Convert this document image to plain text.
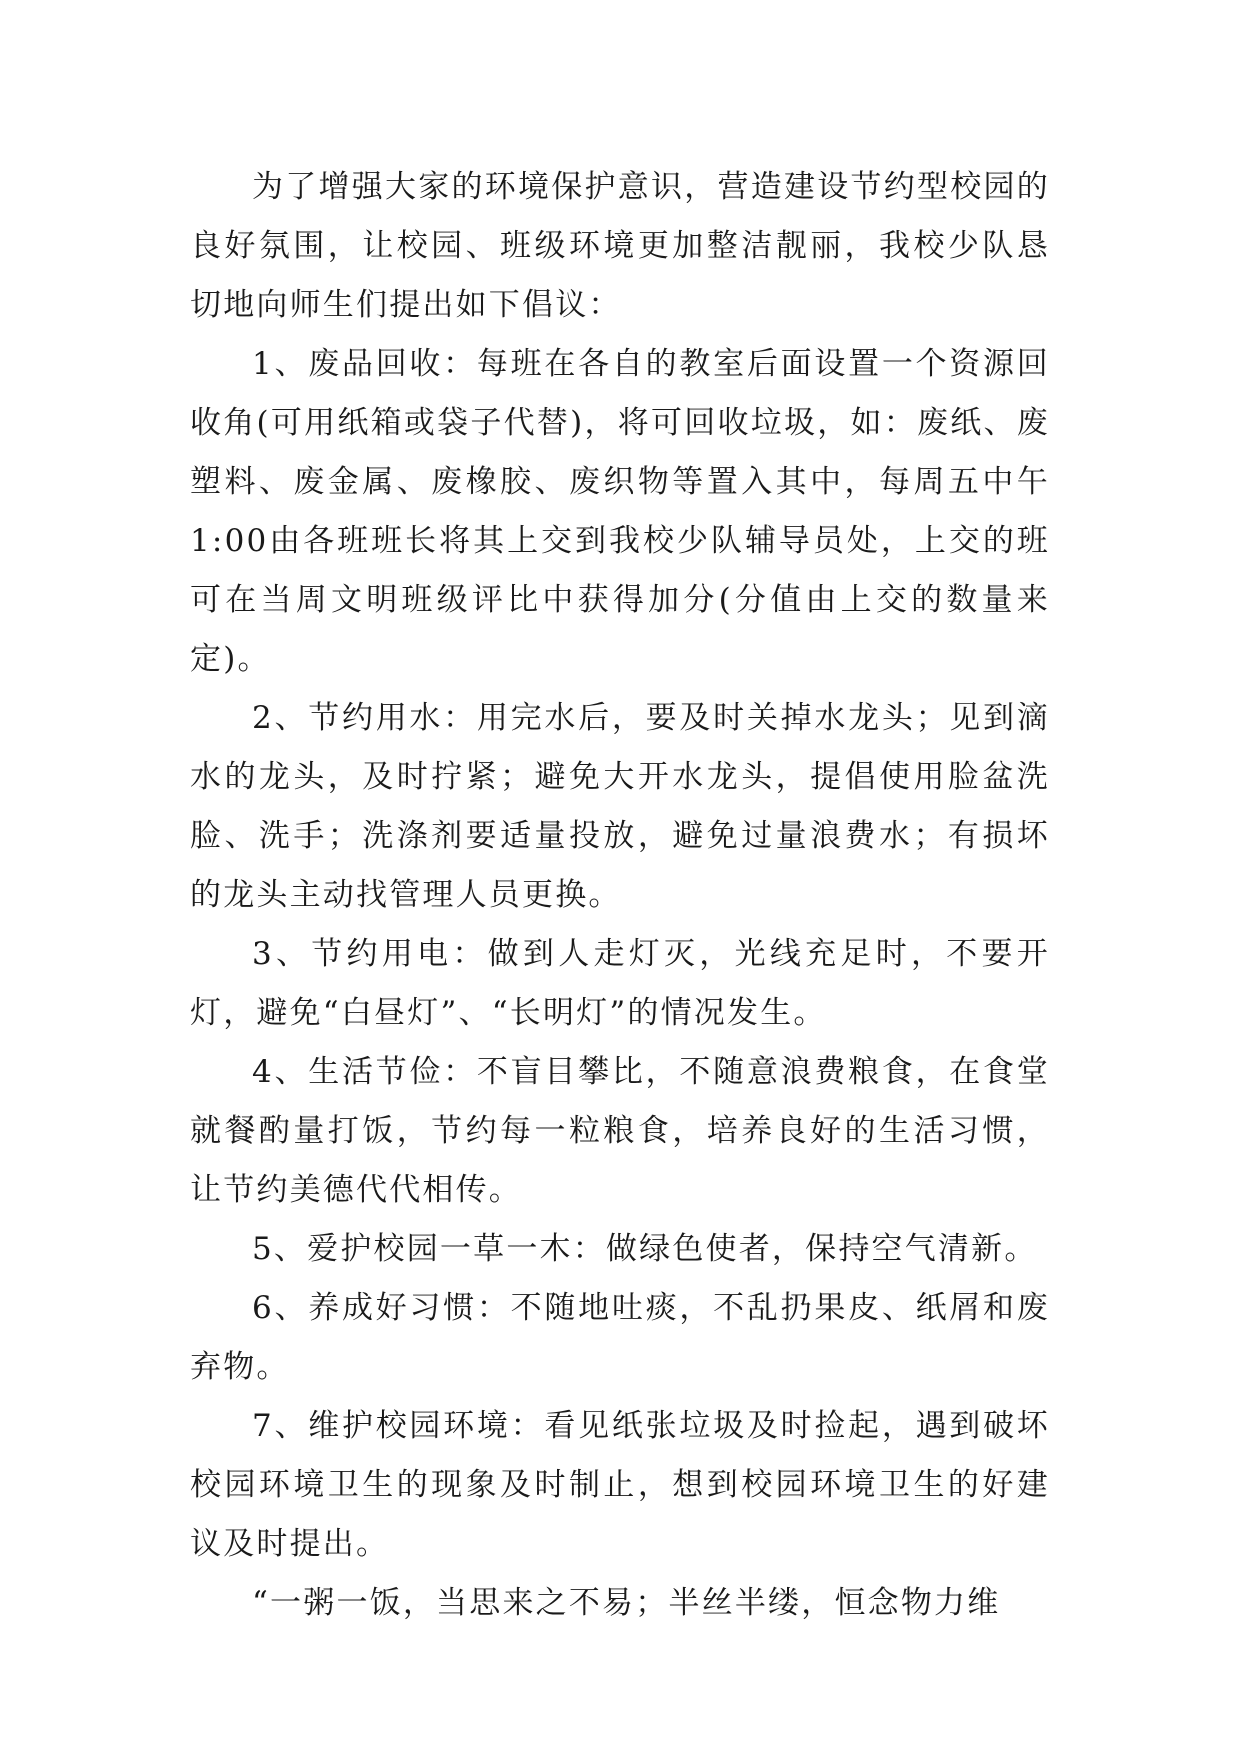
为了增强大家的环境保护意识，营造建设节约型校园的良好氛围，让校园、班级环境更加整洁靓丽，我校少队恳切地向师生们提出如下倡议：

1、废品回收：每班在各自的教室后面设置一个资源回收角(可用纸箱或袋子代替)，将可回收垃圾，如：废纸、废塑料、废金属、废橡胶、废织物等置入其中，每周五中午1:00由各班班长将其上交到我校少队辅导员处，上交的班可在当周文明班级评比中获得加分(分值由上交的数量来定)。

2、节约用水：用完水后，要及时关掉水龙头；见到滴水的龙头，及时拧紧；避免大开水龙头，提倡使用脸盆洗脸、洗手；洗涤剂要适量投放，避免过量浪费水；有损坏的龙头主动找管理人员更换。

3、节约用电：做到人走灯灭，光线充足时，不要开灯，避免“白昼灯”、“长明灯”的情况发生。

4、生活节俭：不盲目攀比，不随意浪费粮食，在食堂就餐酌量打饭，节约每一粒粮食，培养良好的生活习惯，让节约美德代代相传。

5、爱护校园一草一木：做绿色使者，保持空气清新。

6、养成好习惯：不随地吐痰，不乱扔果皮、纸屑和废弃物。

7、维护校园环境：看见纸张垃圾及时捡起，遇到破坏校园环境卫生的现象及时制止，想到校园环境卫生的好建议及时提出。

“一粥一饭，当思来之不易；半丝半缕，恒念物力维
